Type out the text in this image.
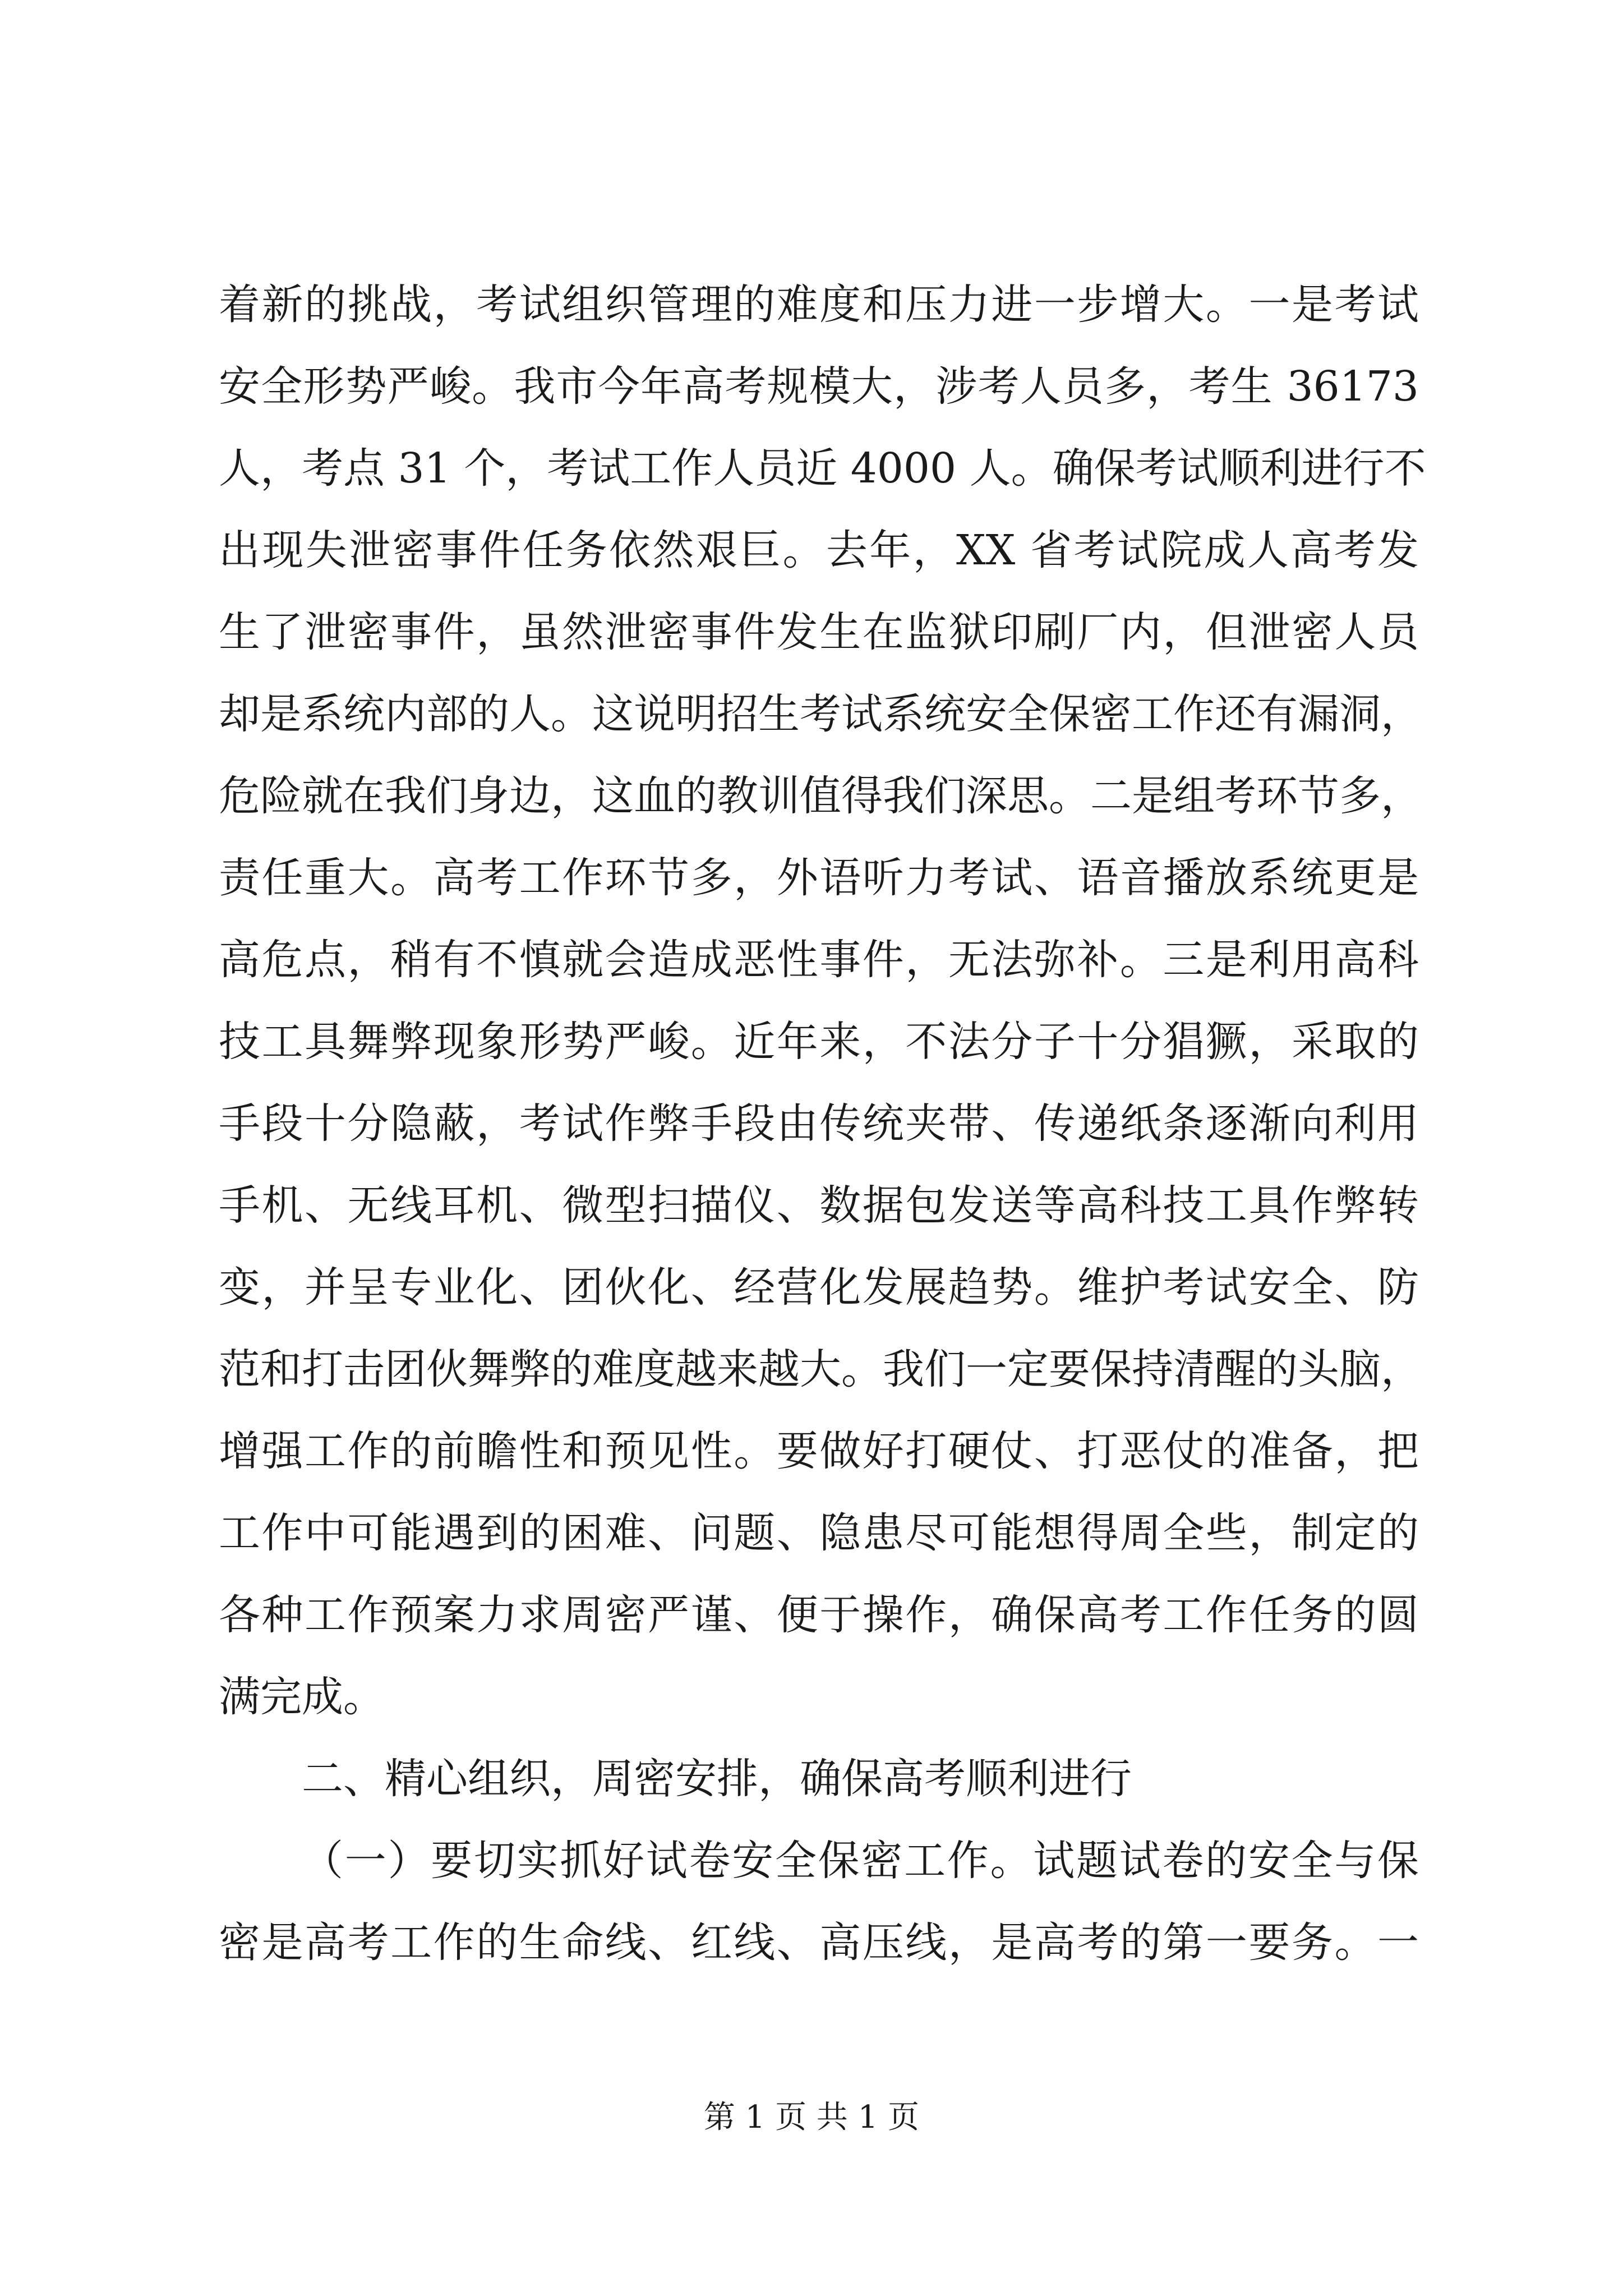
着新的挑战，考试组织管理的难度和压力进一步增大。一是考试
安全形势严峻。我市今年高考规模大，涉考人员多，考生 36173
人，考点 31 个，考试工作人员近 4000 人。确保考试顺利进行不
出现失泄密事件任务依然艰巨。去年，XX 省考试院成人高考发
生了泄密事件，虽然泄密事件发生在监狱印刷厂内，但泄密人员
却是系统内部的人。这说明招生考试系统安全保密工作还有漏洞，
危险就在我们身边，这血的教训值得我们深思。二是组考环节多，
责任重大。高考工作环节多，外语听力考试、语音播放系统更是
高危点，稍有不慎就会造成恶性事件，无法弥补。三是利用高科
技工具舞弊现象形势严峻。近年来，不法分子十分猖獗，采取的
手段十分隐蔽，考试作弊手段由传统夹带、传递纸条逐渐向利用
手机、无线耳机、微型扫描仪、数据包发送等高科技工具作弊转
变，并呈专业化、团伙化、经营化发展趋势。维护考试安全、防
范和打击团伙舞弊的难度越来越大。我们一定要保持清醒的头脑，
增强工作的前瞻性和预见性。要做好打硬仗、打恶仗的准备，把
工作中可能遇到的困难、问题、隐患尽可能想得周全些，制定的
各种工作预案力求周密严谨、便于操作，确保高考工作任务的圆
满完成。
二、精心组织，周密安排，确保高考顺利进行
（一）要切实抓好试卷安全保密工作。试题试卷的安全与保
密是高考工作的生命线、红线、高压线，是高考的第一要务。一
第 1 页 共 1 页
